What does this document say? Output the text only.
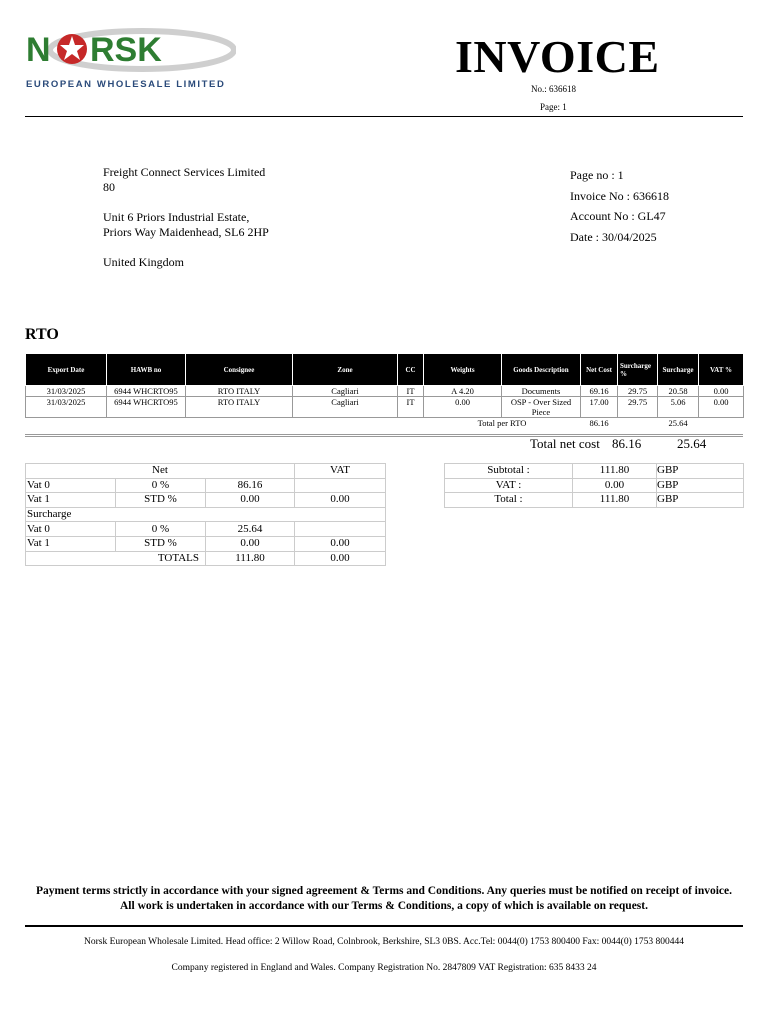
N RSK
EUROPEAN WHOLESALE LIMITED
INVOICE
No.: 636618
Page: 1
Freight Connect Services Limited
80
Unit 6 Priors Industrial Estate,
Priors Way Maidenhead, SL6 2HP
United Kingdom
Page no : 1
Invoice No : 636618
Account No : GL47
Date : 30/04/2025
RTO
Export Date	HAWB no	Consignee	Zone	CC	Weights	Goods Description	Net Cost	Surcharge %	Surcharge	VAT %
31/03/2025	6944 WHCRTO95	RTO ITALY	Cagliari	IT	A 4.20	Documents	69.16	29.75	20.58	0.00
31/03/2025	6944 WHCRTO95	RTO ITALY	Cagliari	IT	0.00	OSP - Over Sized Piece	17.00	29.75	5.06	0.00
					Total per RTO		86.16		25.64	
Total net cost 86.16	25.64
Net			VAT
Vat 0	0 %	86.16	
Vat 1	STD %	0.00	0.00
Surcharge			
Vat 0	0 %	25.64	
Vat 1	STD %	0.00	0.00
TOTALS		111.80	0.00
Subtotal :	111.80	GBP
VAT :	0.00	GBP
Total :	111.80	GBP
Payment terms strictly in accordance with your signed agreement & Terms and Conditions. Any queries must be notified on receipt of invoice.
All work is undertaken in accordance with our Terms & Conditions, a copy of which is available on request.
Norsk European Wholesale Limited. Head office: 2 Willow Road, Colnbrook, Berkshire, SL3 0BS. Acc.Tel: 0044(0) 1753 800400 Fax: 0044(0) 1753 800444
Company registered in England and Wales. Company Registration No. 2847809 VAT Registration: 635 8433 24
